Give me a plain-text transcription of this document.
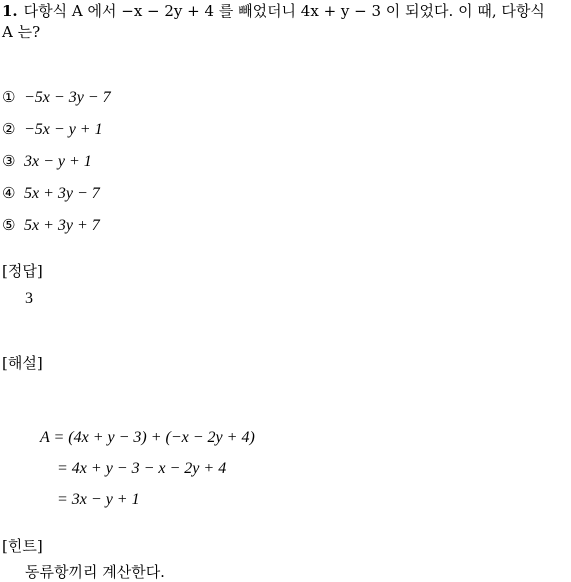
1. 다항식 A 에서 −x − 2y + 4 를 빼었더니 4x + y − 3 이 되었다. 이 때, 다항식
A 는?
① −5x − 3y − 7
② −5x − y + 1
③ 3x − y + 1
④ 5x + 3y − 7
⑤ 5x + 3y + 7
[정답]
3
[해설]
A = (4x + y − 3) + (−x − 2y + 4)
= 4x + y − 3 − x − 2y + 4
= 3x − y + 1
[힌트]
동류항끼리 계산한다.
